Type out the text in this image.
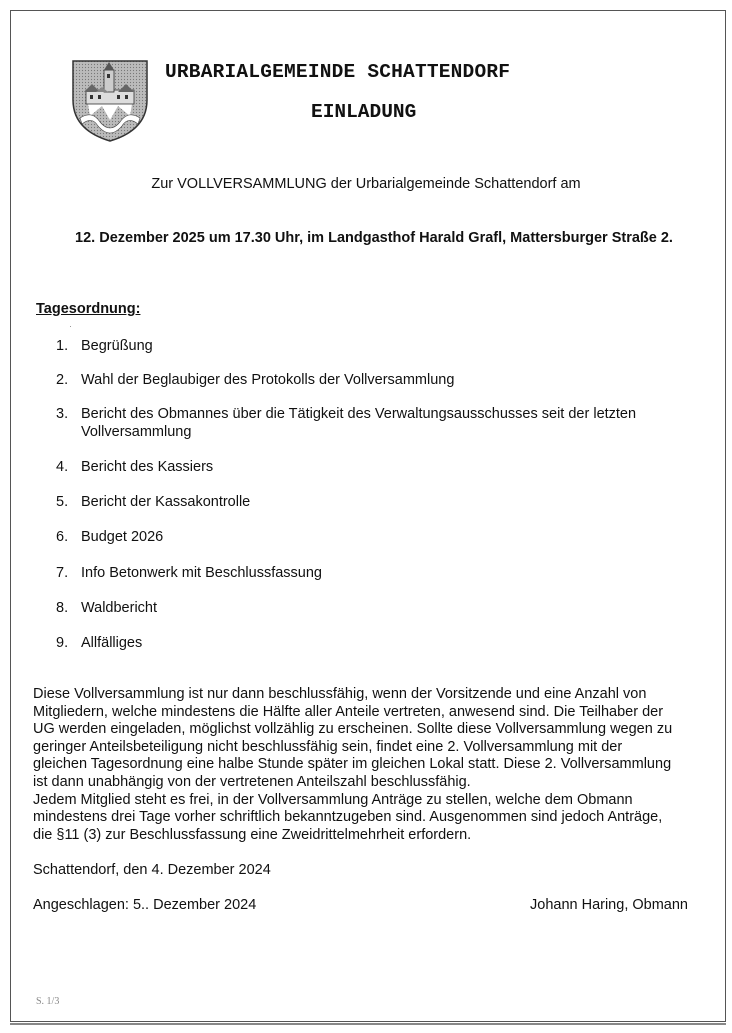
URBARIALGEMEINDE SCHATTENDORF
EINLADUNG
Zur VOLLVERSAMMLUNG der Urbarialgemeinde Schattendorf am
12. Dezember 2025 um 17.30 Uhr, im Landgasthof Harald Grafl, Mattersburger Straße 2.
Tagesordnung:
1. Begrüßung
2. Wahl der Beglaubiger des Protokolls der Vollversammlung
3. Bericht des Obmannes über die Tätigkeit des Verwaltungsausschusses seit der letzten
Vollversammlung
4. Bericht des Kassiers
5. Bericht der Kassakontrolle
6. Budget 2026
7. Info Betonwerk mit Beschlussfassung
8. Waldbericht
9. Allfälliges

Diese Vollversammlung ist nur dann beschlussfähig, wenn der Vorsitzende und eine Anzahl von

Mitgliedern, welche mindestens die Hälfte aller Anteile vertreten, anwesend sind. Die Teilhaber der

UG werden eingeladen, möglichst vollzählig zu erscheinen. Sollte diese Vollversammlung wegen zu

geringer Anteilsbeteiligung nicht beschlussfähig sein, findet eine 2. Vollversammlung mit der

gleichen Tagesordnung eine halbe Stunde später im gleichen Lokal statt. Diese 2. Vollversammlung

ist dann unabhängig von der vertretenen Anteilszahl beschlussfähig.

Jedem Mitglied steht es frei, in der Vollversammlung Anträge zu stellen, welche dem Obmann

mindestens drei Tage vorher schriftlich bekanntzugeben sind. Ausgenommen sind jedoch Anträge,

die §11 (3) zur Beschlussfassung eine Zweidrittelmehrheit erfordern.

Schattendorf, den 4. Dezember 2024
Angeschlagen: 5.. Dezember 2024	Johann Haring, Obmann
S. 1/3
